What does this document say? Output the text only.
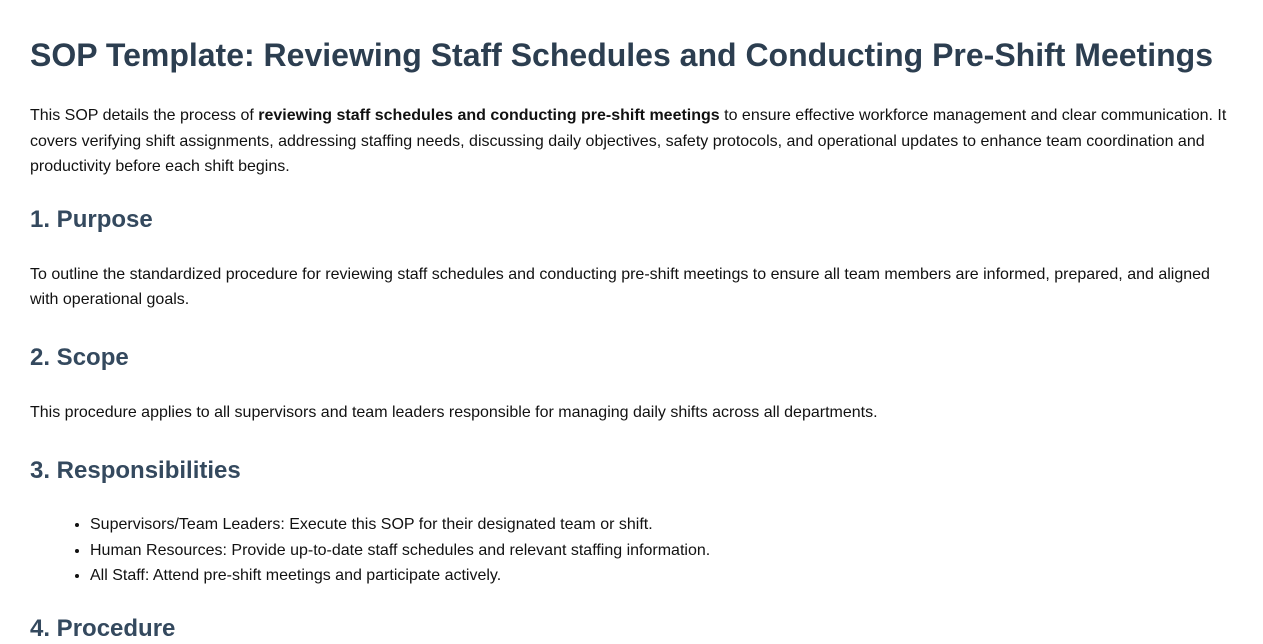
SOP Template: Reviewing Staff Schedules and Conducting Pre-Shift Meetings

This SOP details the process of reviewing staff schedules and conducting pre-shift meetings to ensure effective workforce management and clear communication. It covers verifying shift assignments, addressing staffing needs, discussing daily objectives, safety protocols, and operational updates to enhance team coordination and productivity before each shift begins.

1. Purpose

To outline the standardized procedure for reviewing staff schedules and conducting pre-shift meetings to ensure all team members are informed, prepared, and aligned with operational goals.

2. Scope

This procedure applies to all supervisors and team leaders responsible for managing daily shifts across all departments.

3. Responsibilities
• Supervisors/Team Leaders: Execute this SOP for their designated team or shift.
• Human Resources: Provide up-to-date staff schedules and relevant staffing information.
• All Staff: Attend pre-shift meetings and participate actively.
4. Procedure
